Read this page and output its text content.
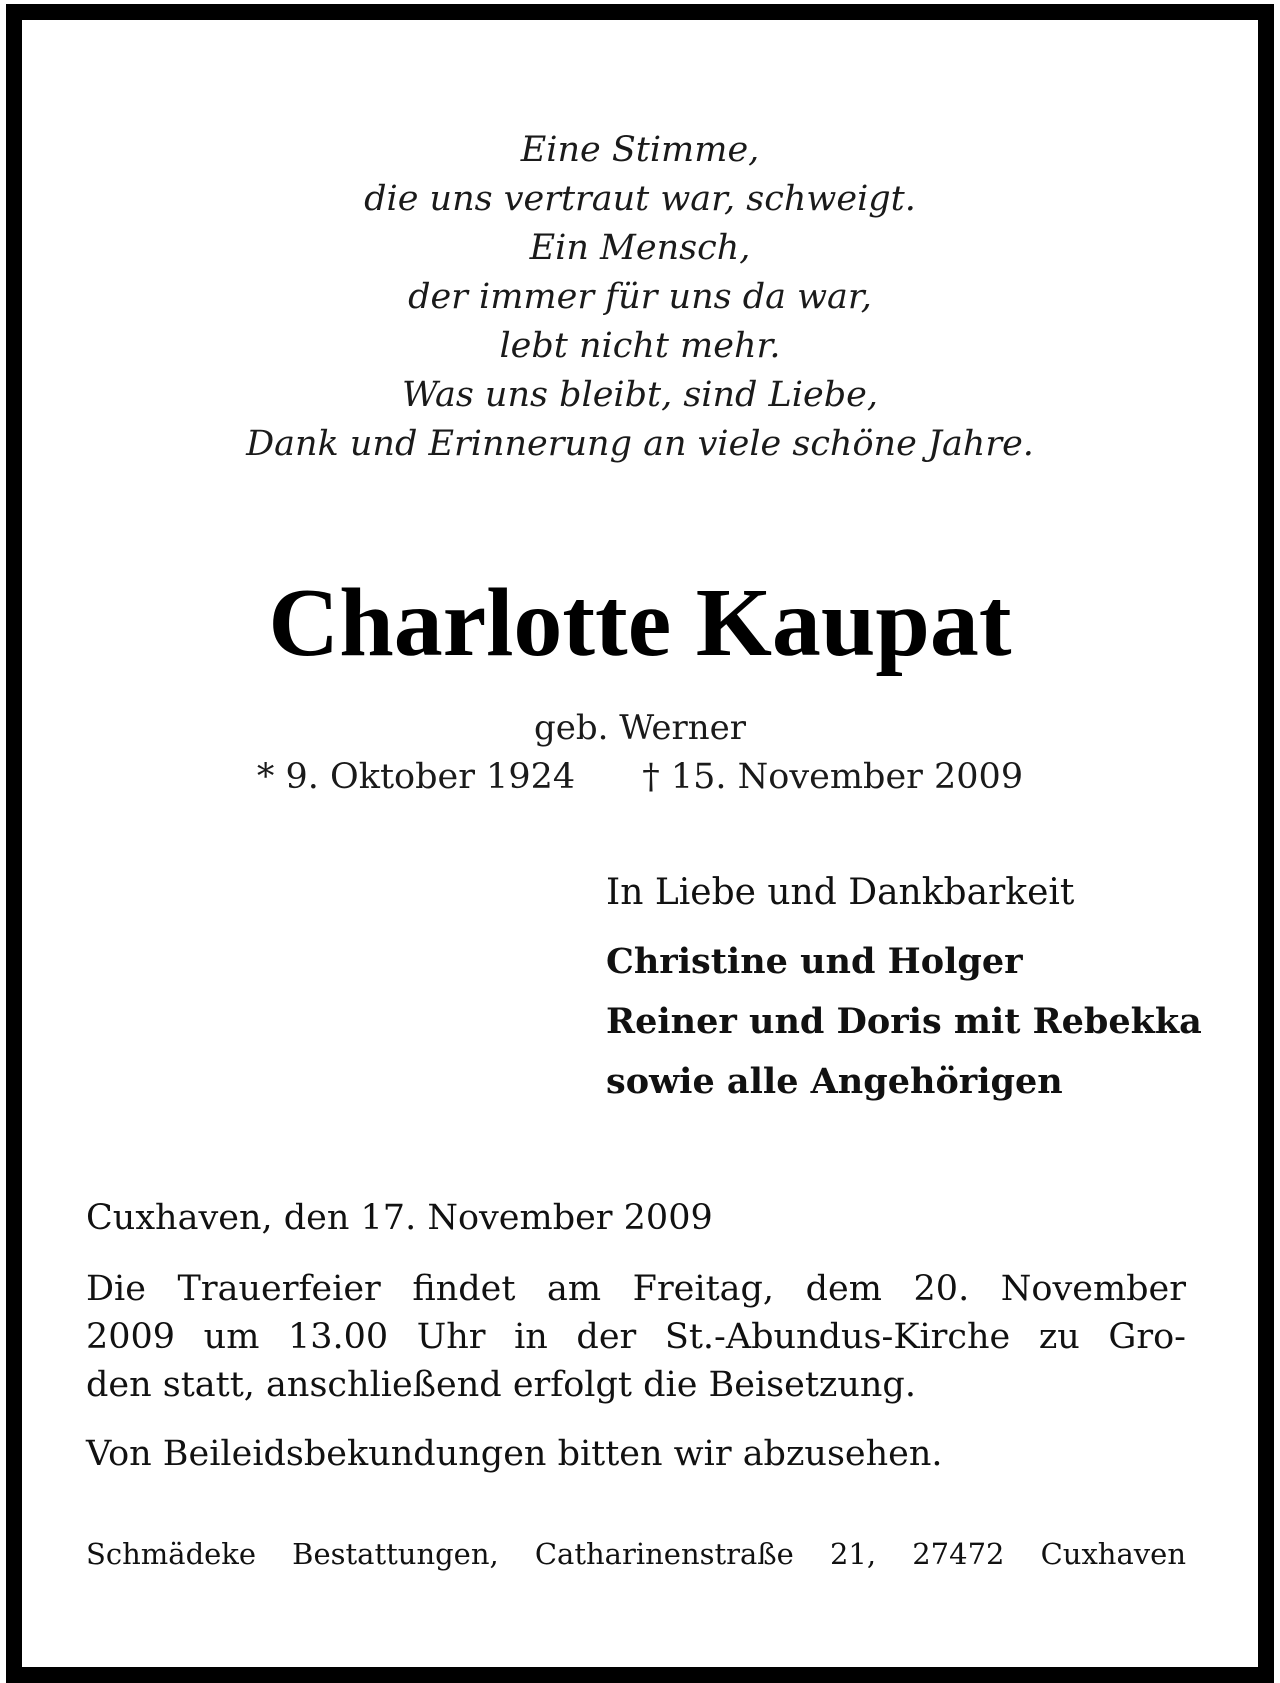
Eine Stimme,
die uns vertraut war, schweigt.
Ein Mensch,
der immer für uns da war,
lebt nicht mehr.
Was uns bleibt, sind Liebe,
Dank und Erinnerung an viele schöne Jahre.
Charlotte Kaupat
geb. Werner
* 9. Oktober 1924 † 15. November 2009
In Liebe und Dankbarkeit
Christine und Holger
Reiner und Doris mit Rebekka
sowie alle Angehörigen
Cuxhaven, den 17. November 2009
Die Trauerfeier findet am Freitag, dem 20. November
2009 um 13.00 Uhr in der St.-Abundus-Kirche zu Gro-
den statt, anschließend erfolgt die Beisetzung.
Von Beileidsbekundungen bitten wir abzusehen.
Schmädeke Bestattungen, Catharinenstraße 21, 27472 Cuxhaven
